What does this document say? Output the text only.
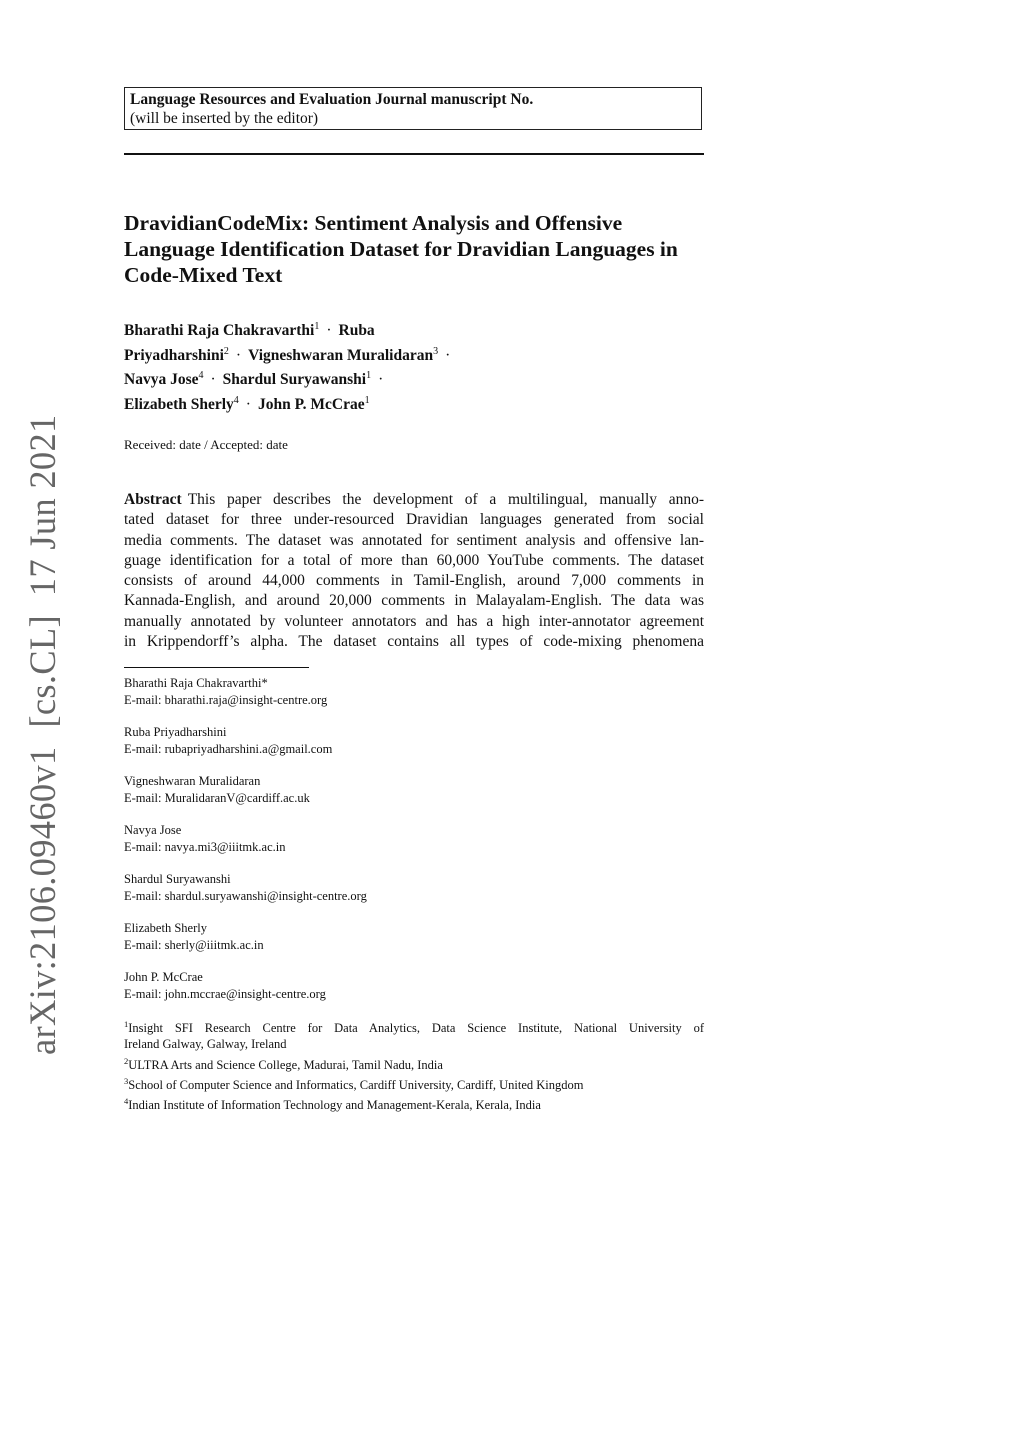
Language Resources and Evaluation Journal manuscript No.
(will be inserted by the editor)
DravidianCodeMix: Sentiment Analysis and Offensive
Language Identification Dataset for Dravidian Languages in
Code-Mixed Text
Bharathi Raja Chakravarthi$^1$ · Ruba
Priyadharshini$^2$ · Vigneshwaran Muralidaran$^3$ ·
Navya Jose$^4$ · Shardul Suryawanshi$^1$ ·
Elizabeth Sherly$^4$ · John P. McCrae$^1$
Received: date / Accepted: date
Abstract This paper describes the development of a multilingual, manually anno-
tated dataset for three under-resourced Dravidian languages generated from social
media comments. The dataset was annotated for sentiment analysis and offensive lan-
guage identification for a total of more than 60,000 YouTube comments. The dataset
consists of around 44,000 comments in Tamil-English, around 7,000 comments in
Kannada-English, and around 20,000 comments in Malayalam-English. The data was
manually annotated by volunteer annotators and has a high inter-annotator agreement
in Krippendorff’s alpha. The dataset contains all types of code-mixing phenomena
Bharathi Raja Chakravarthi*
E-mail: bharathi.raja@insight-centre.org
Ruba Priyadharshini
E-mail: rubapriyadharshini.a@gmail.com
Vigneshwaran Muralidaran
E-mail: MuralidaranV@cardiff.ac.uk
Navya Jose
E-mail: navya.mi3@iiitmk.ac.in
Shardul Suryawanshi
E-mail: shardul.suryawanshi@insight-centre.org
Elizabeth Sherly
E-mail: sherly@iiitmk.ac.in
John P. McCrae
E-mail: john.mccrae@insight-centre.org
$^1$Insight SFI Research Centre for Data Analytics, Data Science Institute, National University of
Ireland Galway, Galway, Ireland
$^2$ULTRA Arts and Science College, Madurai, Tamil Nadu, India
$^3$School of Computer Science and Informatics, Cardiff University, Cardiff, United Kingdom
$^4$Indian Institute of Information Technology and Management-Kerala, Kerala, India
arXiv:2106.09460v1  [cs.CL]  17 Jun 2021
